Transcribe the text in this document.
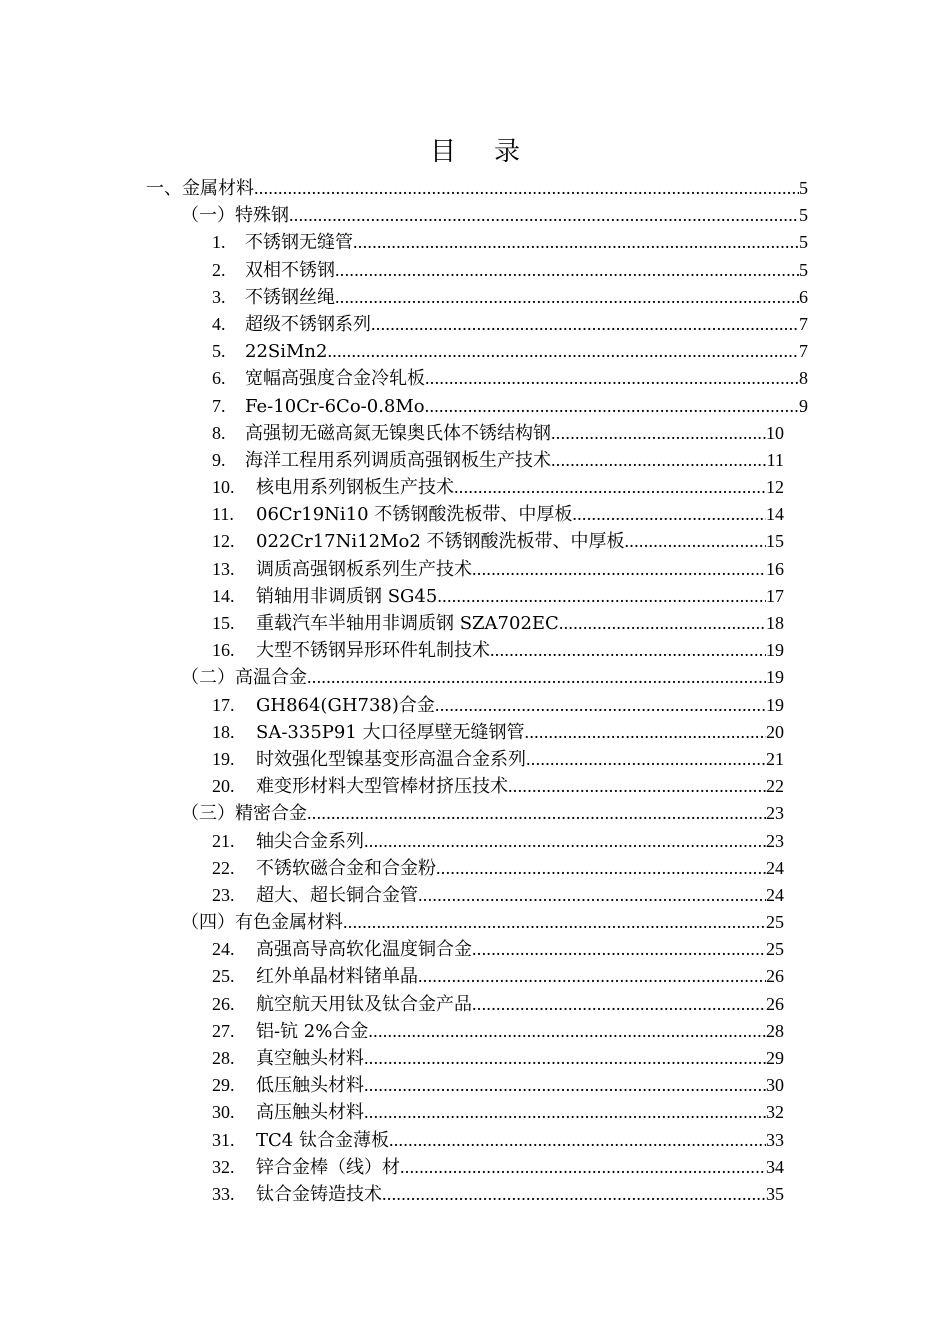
目 录
一、 金属材料 .....	5
（一） 特殊钢 .....	5
1.	不锈钢无缝管 .....	5
2.	双相不锈钢 .....	5
3.	不锈钢丝绳 .....	6
4.	超级不锈钢系列 .....	7
5.	22SiMn2 .....	7
6.	宽幅高强度合金冷轧板 .....	8
7.	Fe-10Cr-6Co-0.8Mo .....	9
8.	高强韧无磁高氮无镍奥氏体不锈结构钢 .....	10
9.	海洋工程用系列调质高强钢板生产技术 .....	11
10.	核电用系列钢板生产技术 .....	12
11.	06Cr19Ni10 不锈钢酸洗板带、中厚板 .....	14
12.	022Cr17Ni12Mo2 不锈钢酸洗板带、中厚板 .....	15
13.	调质高强钢板系列生产技术 .....	16
14.	销轴用非调质钢 SG45 .....	17
15.	重载汽车半轴用非调质钢 SZA702EC .....	18
16.	大型不锈钢异形环件轧制技术 .....	19
（二） 高温合金 .....	19
17.	GH864(GH738)合金 .....	19
18.	SA-335P91 大口径厚壁无缝钢管 .....	20
19.	时效强化型镍基变形高温合金系列 .....	21
20.	难变形材料大型管棒材挤压技术 .....	22
（三） 精密合金 .....	23
21.	轴尖合金系列 .....	23
22.	不锈软磁合金和合金粉 .....	24
23.	超大、超长铜合金管 .....	24
（四） 有色金属材料 .....	25
24.	高强高导高软化温度铜合金 .....	25
25.	红外单晶材料锗单晶 .....	26
26.	航空航天用钛及钛合金产品 .....	26
27.	铝-钪 2%合金 .....	28
28.	真空触头材料 .....	29
29.	低压触头材料 .....	30
30.	高压触头材料 .....	32
31.	TC4 钛合金薄板 .....	33
32.	锌合金棒（线）材 .....	34
33.	钛合金铸造技术 .....	35
